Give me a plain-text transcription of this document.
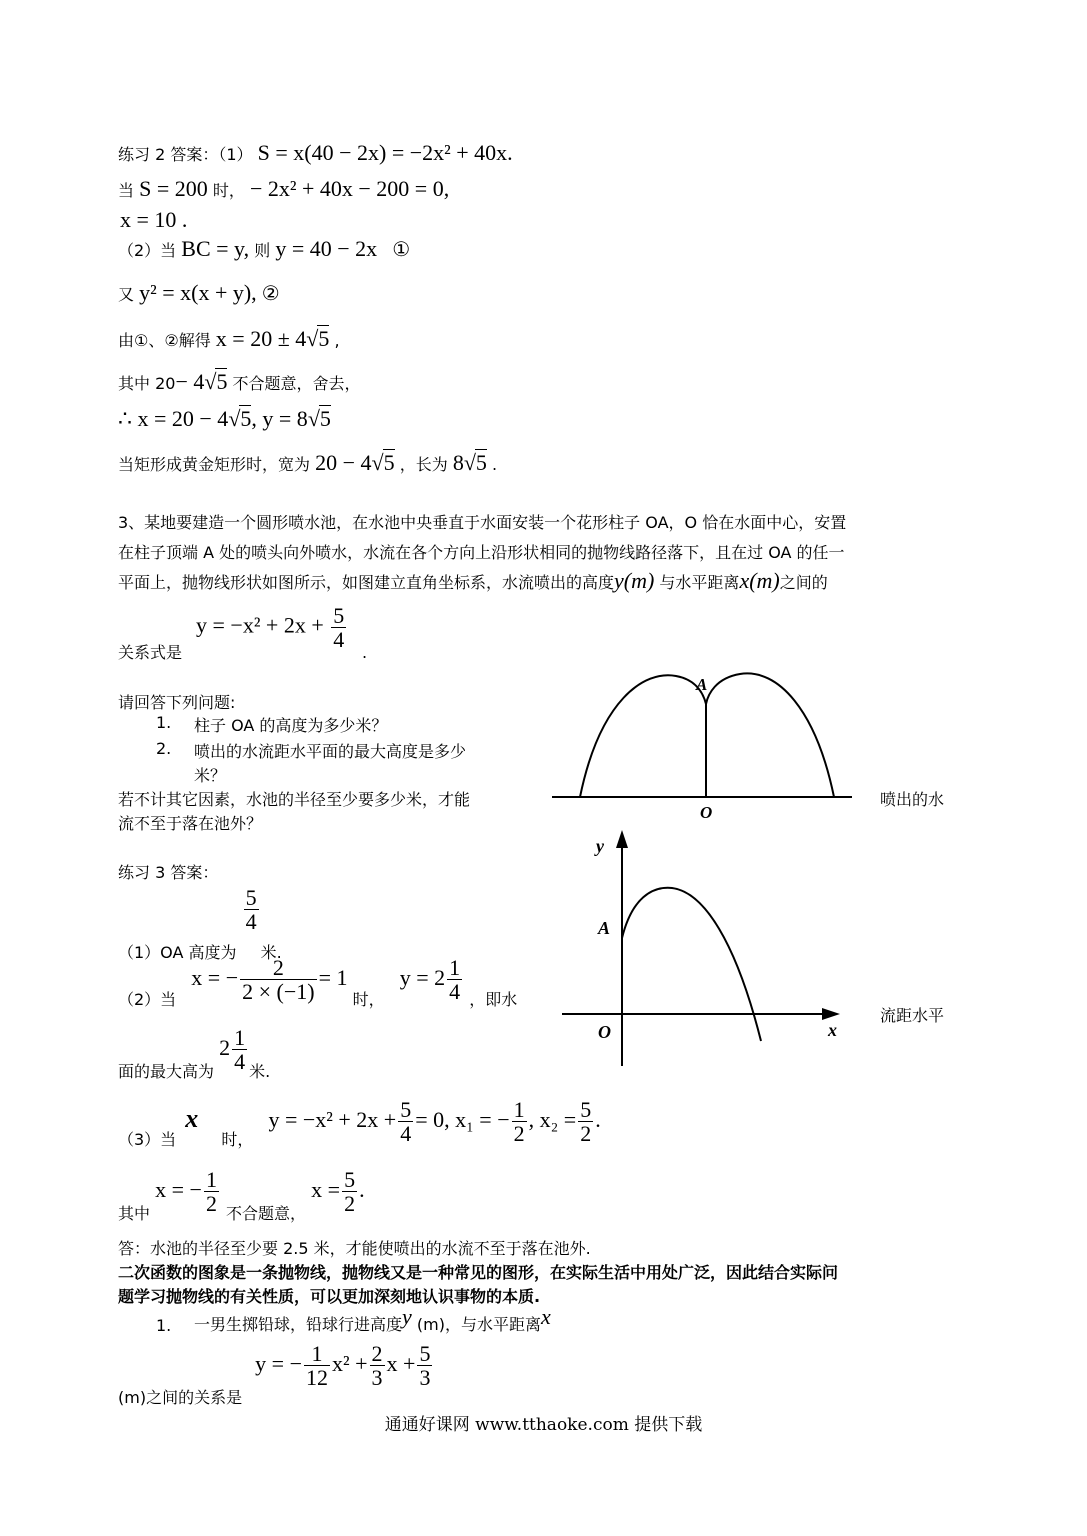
练习 2 答案：（1） S = x(40 − 2x) = −2x² + 40x.
当 S = 200 时， − 2x² + 40x − 200 = 0,
x = 10 .
（2）当 BC = y, 则 y = 40 − 2x ①
又 y² = x(x + y), ②
由①、②解得 x = 20 ± 4√5 ,
其中 20− 4√5 不合题意，舍去，
∴ x = 20 − 4√5, y = 8√5
当矩形成黄金矩形时，宽为 20 − 4√5 ，长为 8√5 .
3、某地要建造一个圆形喷水池，在水池中央垂直于水面安装一个花形柱子 OA，O 恰在水面中心，安置
在柱子顶端 A 处的喷头向外喷水，水流在各个方向上沿形状相同的抛物线路径落下，且在过 OA 的任一
平面上，抛物线形状如图所示，如图建立直角坐标系，水流喷出的高度y(m) 与水平距离x(m)之间的
$y = -x^2 + 2x + \frac{5}{4}$
关系式是	.
请回答下列问题:
1. 柱子 OA 的高度为多少米？
2. 喷出的水流距水平面的最大高度是多少
米？
若不计其它因素，水池的半径至少要多少米，才能	喷出的水
流不至于落在池外？
A
O
y
A
O	x
练习 3 答案：
（1）OA 高度为
$\frac{5}{4}$
米.
（2）当 x = − $\frac{2}{2 \times (-1)} = 1$ 时， $y = 2 \frac{1}{4}$ ，即水
流距水平
面的最大高为 $2 \frac{1}{4}$ 米.
（3）当 x 时， $y = -x^2 + 2x + \frac{5}{4} = 0$, x₁ = − $\frac{1}{2}$ , $x_2 = \frac{5}{2}$ .
其中 x = − $\frac{1}{2}$ 不合题意， $x = \frac{5}{2}$ .
答：水池的半径至少要 2.5 米，才能使喷出的水流不至于落在池外.
二次函数的图象是一条抛物线，抛物线又是一种常见的图形，在实际生活中用处广泛，因此结合实际问
题学习抛物线的有关性质，可以更加深刻地认识事物的本质.
1. 一男生掷铅球，铅球行进高度y (m)，与水平距离x
(m)之间的关系是 y = − $\frac{1}{12} x^2 + \frac{2}{3}$ $x + \frac{5}{3}$
通通好课网 www.tthaoke.com 提供下载
